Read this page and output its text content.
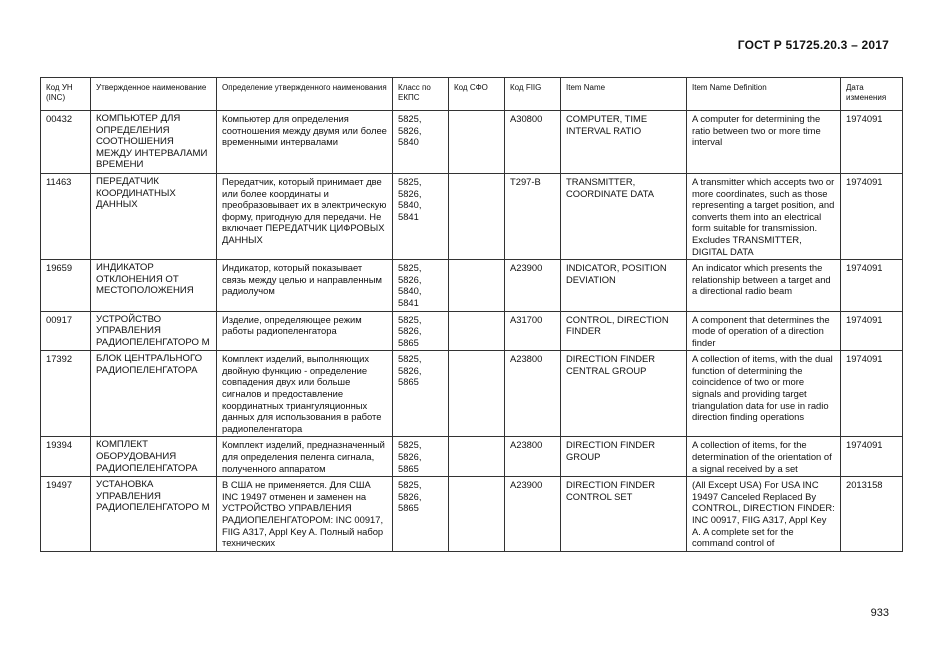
ГОСТ Р 51725.20.3 – 2017
Код УН (INC)	Утвержденное наименование	Определение утвержденного наименования	Класс по ЕКПС	Код СФО	Код FIIG	Item Name	Item Name Definition	Дата изменения
00432	КОМПЬЮТЕР ДЛЯ ОПРЕДЕЛЕНИЯ СООТНОШЕНИЯ МЕЖДУ ИНТЕРВАЛАМИ ВРЕМЕНИ	Компьютер для определения соотношения между двумя или более временными интервалами	5825, 5826, 5840		A30800	COMPUTER, TIME INTERVAL RATIO	A computer for determining the ratio between two or more time interval	1974091
11463	ПЕРЕДАТЧИК КООРДИНАТНЫХ ДАННЫХ	Передатчик, который принимает две или более координаты и преобразовывает их в электрическую форму, пригодную для передачи. Не включает ПЕРЕДАТЧИК ЦИФРОВЫХ ДАННЫХ	5825, 5826, 5840, 5841		T297-B	TRANSMITTER, COORDINATE DATA	A transmitter which accepts two or more coordinates, such as those representing a target position, and converts them into an electrical form suitable for transmission. Excludes TRANSMITTER, DIGITAL DATA	1974091
19659	ИНДИКАТОР ОТКЛОНЕНИЯ ОТ МЕСТОПОЛОЖЕНИЯ	Индикатор, который показывает связь между целью и направленным радиолучом	5825, 5826, 5840, 5841		A23900	INDICATOR, POSITION DEVIATION	An indicator which presents the relationship between a target and a directional radio beam	1974091
00917	УСТРОЙСТВО УПРАВЛЕНИЯ РАДИОПЕЛЕНГАТОРО М	Изделие, определяющее режим работы радиопеленгатора	5825, 5826, 5865		A31700	CONTROL, DIRECTION FINDER	A component that determines the mode of operation of a direction finder	1974091
17392	БЛОК ЦЕНТРАЛЬНОГО РАДИОПЕЛЕНГАТОРА	Комплект изделий, выполняющих двойную функцию - определение совпадения двух или больше сигналов и предоставление координатных триангуляционных данных для использования в работе радиопеленгатора	5825, 5826, 5865		A23800	DIRECTION FINDER CENTRAL GROUP	A collection of items, with the dual function of determining the coincidence of two or more signals and providing target triangulation data for use in radio direction finding operations	1974091
19394	КОМПЛЕКТ ОБОРУДОВАНИЯ РАДИОПЕЛЕНГАТОРА	Комплект изделий, предназначенный для определения пеленга сигнала, полученного аппаратом	5825, 5826, 5865		A23800	DIRECTION FINDER GROUP	A collection of items, for the determination of the orientation of a signal received by a set	1974091
19497	УСТАНОВКА УПРАВЛЕНИЯ РАДИОПЕЛЕНГАТОРО М	В США не применяется. Для США INC 19497 отменен и заменен на УСТРОЙСТВО УПРАВЛЕНИЯ РАДИОПЕЛЕНГАТОРОМ: INC 00917, FIIG A317, Appl Key A. Полный набор технических	5825, 5826, 5865		A23900	DIRECTION FINDER CONTROL SET	(All Except USA) For USA INC 19497 Canceled Replaced By CONTROL, DIRECTION FINDER: INC 00917, FIIG A317, Appl Key A. A complete set for the command control of	2013158
933
